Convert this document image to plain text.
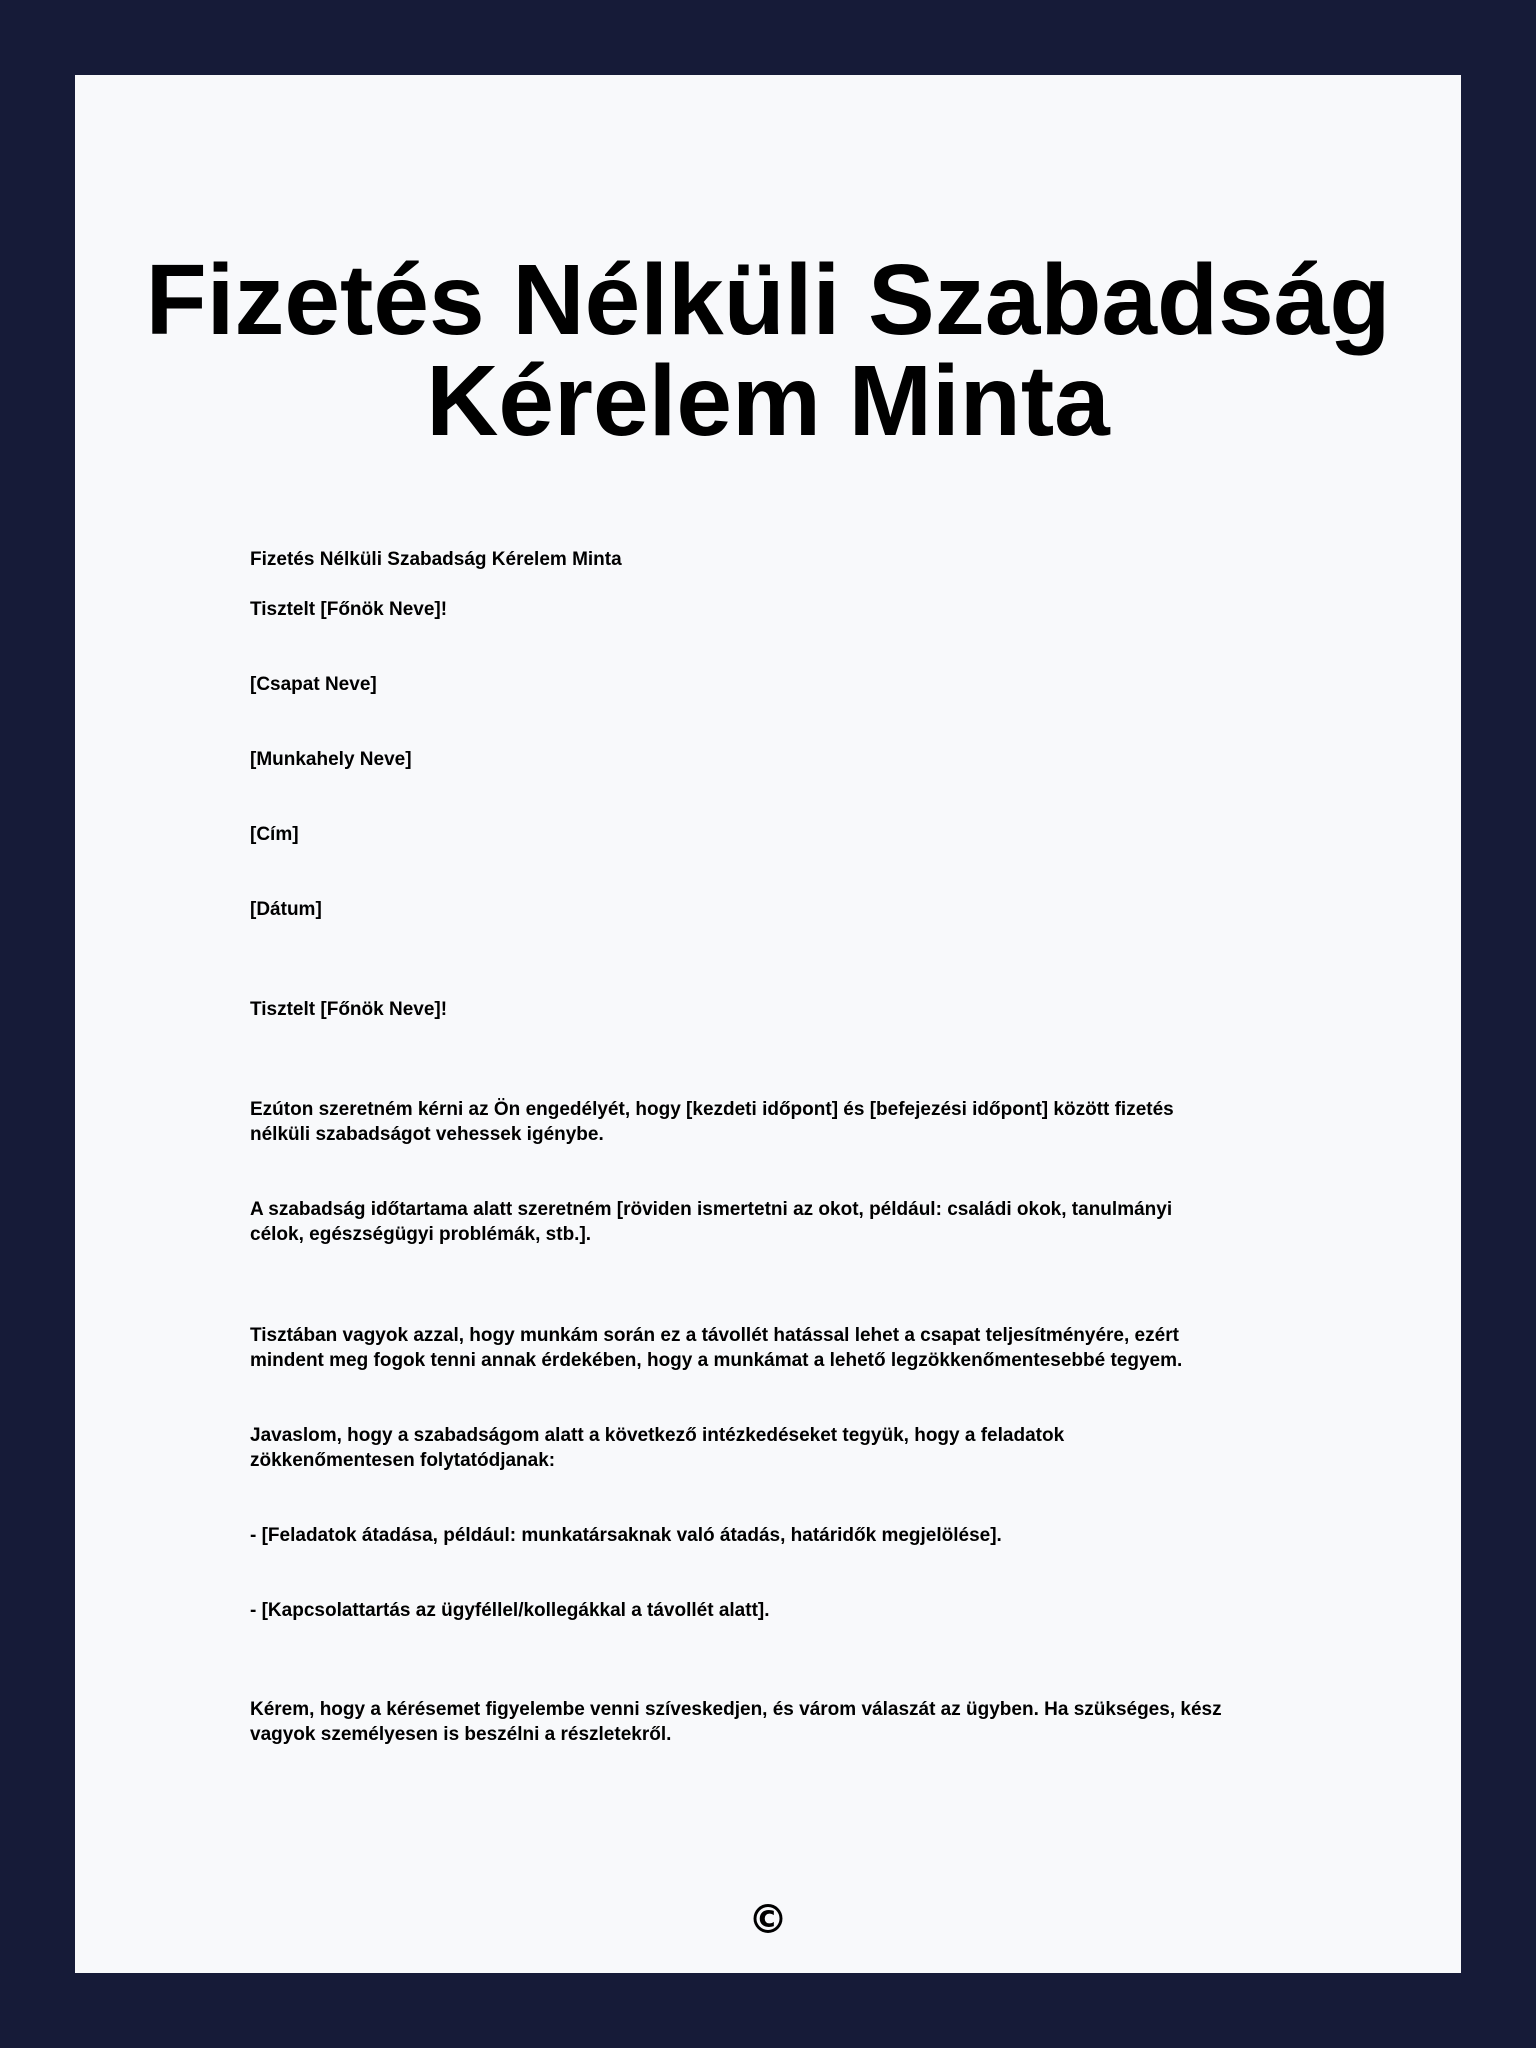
Fizetés Nélküli Szabadság
Kérelem Minta

Fizetés Nélküli Szabadság Kérelem Minta

Tisztelt [Főnök Neve]!

[Csapat Neve]

[Munkahely Neve]

[Cím]

[Dátum]

Tisztelt [Főnök Neve]!

Ezúton szeretném kérni az Ön engedélyét, hogy [kezdeti időpont] és [befejezési időpont] között fizetés

nélküli szabadságot vehessek igénybe.

A szabadság időtartama alatt szeretném [röviden ismertetni az okot, például: családi okok, tanulmányi

célok, egészségügyi problémák, stb.].

Tisztában vagyok azzal, hogy munkám során ez a távollét hatással lehet a csapat teljesítményére, ezért

mindent meg fogok tenni annak érdekében, hogy a munkámat a lehető legzökkenőmentesebbé tegyem.

Javaslom, hogy a szabadságom alatt a következő intézkedéseket tegyük, hogy a feladatok

zökkenőmentesen folytatódjanak:

- [Feladatok átadása, például: munkatársaknak való átadás, határidők megjelölése].

- [Kapcsolattartás az ügyféllel/kollegákkal a távollét alatt].

Kérem, hogy a kérésemet figyelembe venni szíveskedjen, és várom válaszát az ügyben. Ha szükséges, kész

vagyok személyesen is beszélni a részletekről.

©
